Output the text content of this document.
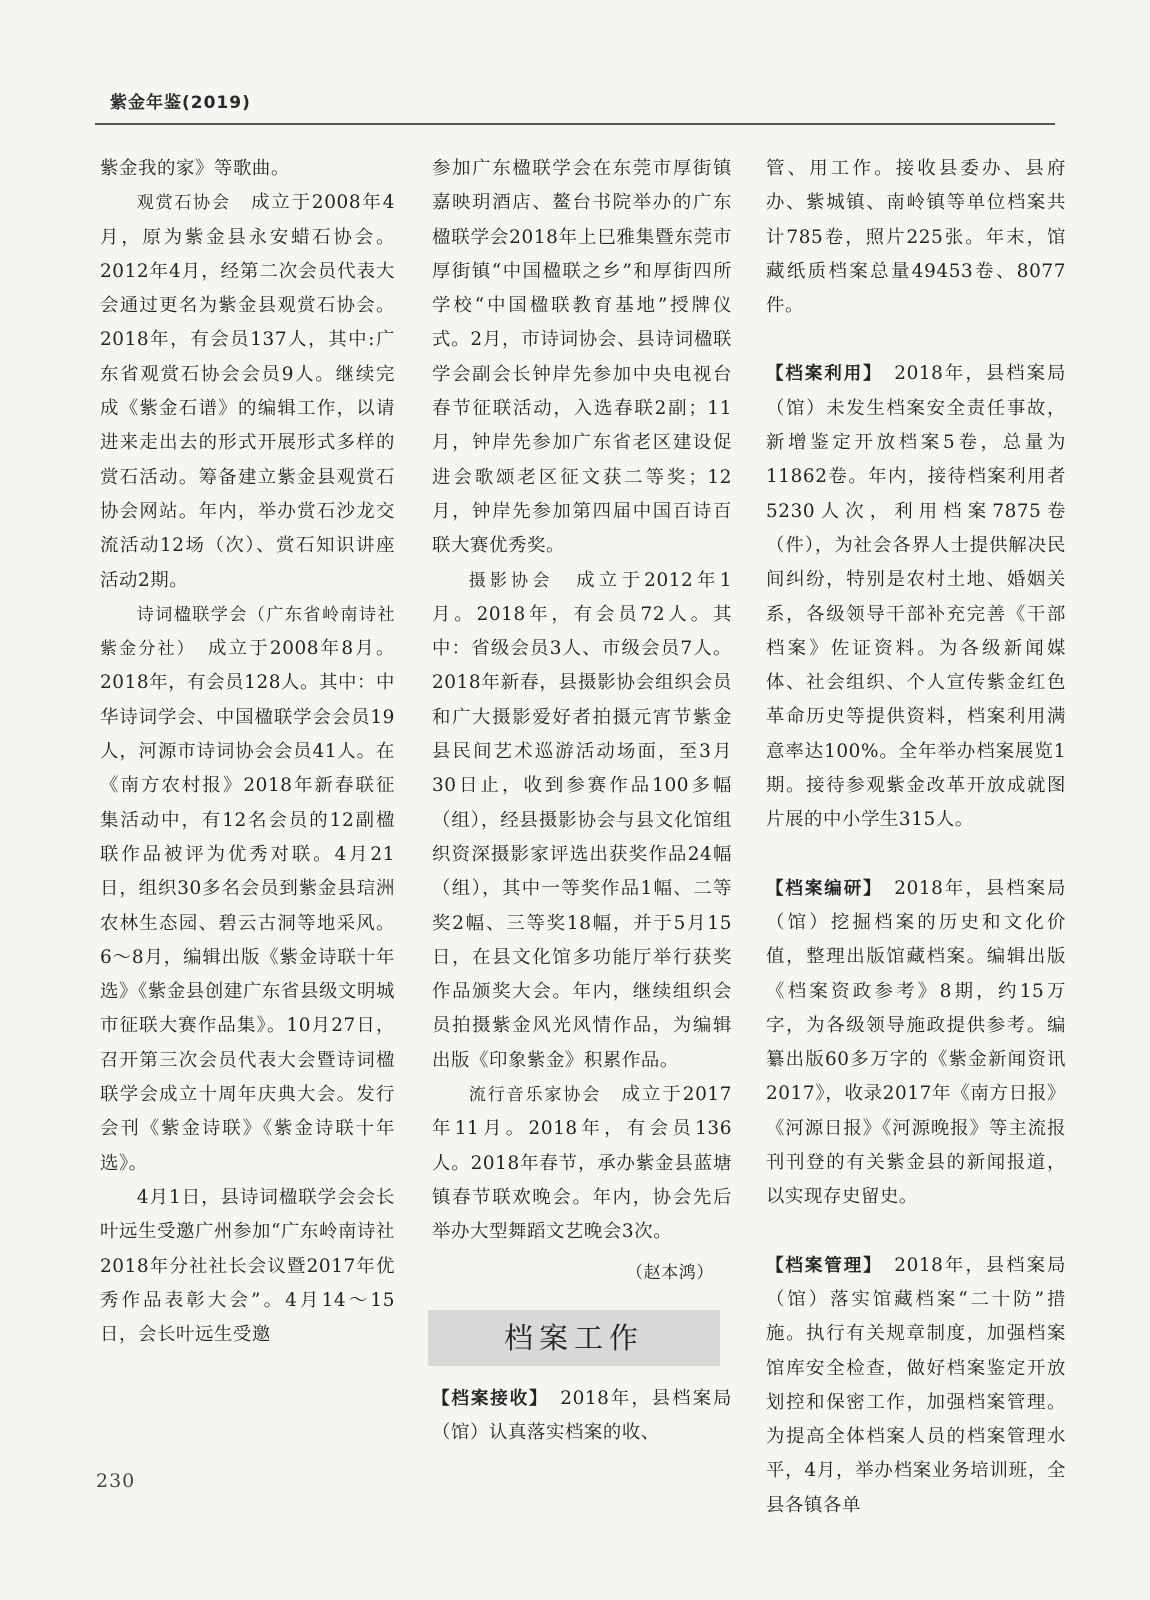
紫金年鉴(2019)

紫金我的家》等歌曲。

观赏石协会　成立于2008年4月，原为紫金县永安蜡石协会。2012年4月，经第二次会员代表大会通过更名为紫金县观赏石协会。2018年，有会员137人，其中:广东省观赏石协会会员9人。继续完成《紫金石谱》的编辑工作，以请进来走出去的形式开展形式多样的赏石活动。筹备建立紫金县观赏石协会网站。年内，举办赏石沙龙交流活动12场（次）、赏石知识讲座活动2期。

诗词楹联学会（广东省岭南诗社紫金分社）　成立于2008年8月。2018年，有会员128人。其中：中华诗词学会、中国楹联学会会员19人，河源市诗词协会会员41人。在《南方农村报》2018年新春联征集活动中，有12名会员的12副楹联作品被评为优秀对联。4月21日，组织30多名会员到紫金县琂洲农林生态园、碧云古洞等地采风。6～8月，编辑出版《紫金诗联十年选》《紫金县创建广东省县级文明城市征联大赛作品集》。10月27日，召开第三次会员代表大会暨诗词楹联学会成立十周年庆典大会。发行会刊《紫金诗联》《紫金诗联十年选》。

4月1日，县诗词楹联学会会长叶远生受邀广州参加“广东岭南诗社2018年分社社长会议暨2017年优秀作品表彰大会”。4月14～15日，会长叶远生受邀

参加广东楹联学会在东莞市厚街镇嘉映玥酒店、鳌台书院举办的广东楹联学会2018年上巳雅集暨东莞市厚街镇“中国楹联之乡”和厚街四所学校“中国楹联教育基地”授牌仪式。2月，市诗词协会、县诗词楹联学会副会长钟岸先参加中央电视台春节征联活动，入选春联2副；11月，钟岸先参加广东省老区建设促进会歌颂老区征文获二等奖；12月，钟岸先参加第四届中国百诗百联大赛优秀奖。

摄影协会　成立于2012年1月。2018年，有会员72人。其中：省级会员3人、市级会员7人。2018年新春，县摄影协会组织会员和广大摄影爱好者拍摄元宵节紫金县民间艺术巡游活动场面，至3月30日止，收到参赛作品100多幅（组），经县摄影协会与县文化馆组织资深摄影家评选出获奖作品24幅（组），其中一等奖作品1幅、二等奖2幅、三等奖18幅，并于5月15日，在县文化馆多功能厅举行获奖作品颁奖大会。年内，继续组织会员拍摄紫金风光风情作品，为编辑出版《印象紫金》积累作品。

流行音乐家协会　成立于2017年11月。2018年，有会员136人。2018年春节，承办紫金县蓝塘镇春节联欢晚会。年内，协会先后举办大型舞蹈文艺晚会3次。

（赵本鸿）
档案工作

【档案接收】　2018年，县档案局（馆）认真落实档案的收、

管、用工作。接收县委办、县府办、紫城镇、南岭镇等单位档案共计785卷，照片225张。年末，馆藏纸质档案总量49453卷、8077件。

【档案利用】　2018年，县档案局（馆）未发生档案安全责任事故，新增鉴定开放档案5卷，总量为11862卷。年内，接待档案利用者5230人次，利用档案7875卷（件），为社会各界人士提供解决民间纠纷，特别是农村土地、婚姻关系，各级领导干部补充完善《干部档案》佐证资料。为各级新闻媒体、社会组织、个人宣传紫金红色革命历史等提供资料，档案利用满意率达100%。全年举办档案展览1期。接待参观紫金改革开放成就图片展的中小学生315人。

【档案编研】　2018年，县档案局（馆）挖掘档案的历史和文化价值，整理出版馆藏档案。编辑出版《档案资政参考》8期，约15万字，为各级领导施政提供参考。编纂出版60多万字的《紫金新闻资讯2017》，收录2017年《南方日报》《河源日报》《河源晚报》等主流报刊刊登的有关紫金县的新闻报道，以实现存史留史。

【档案管理】　2018年，县档案局（馆）落实馆藏档案“二十防”措施。执行有关规章制度，加强档案馆库安全检查，做好档案鉴定开放划控和保密工作，加强档案管理。为提高全体档案人员的档案管理水平，4月，举办档案业务培训班，全县各镇各单

230
